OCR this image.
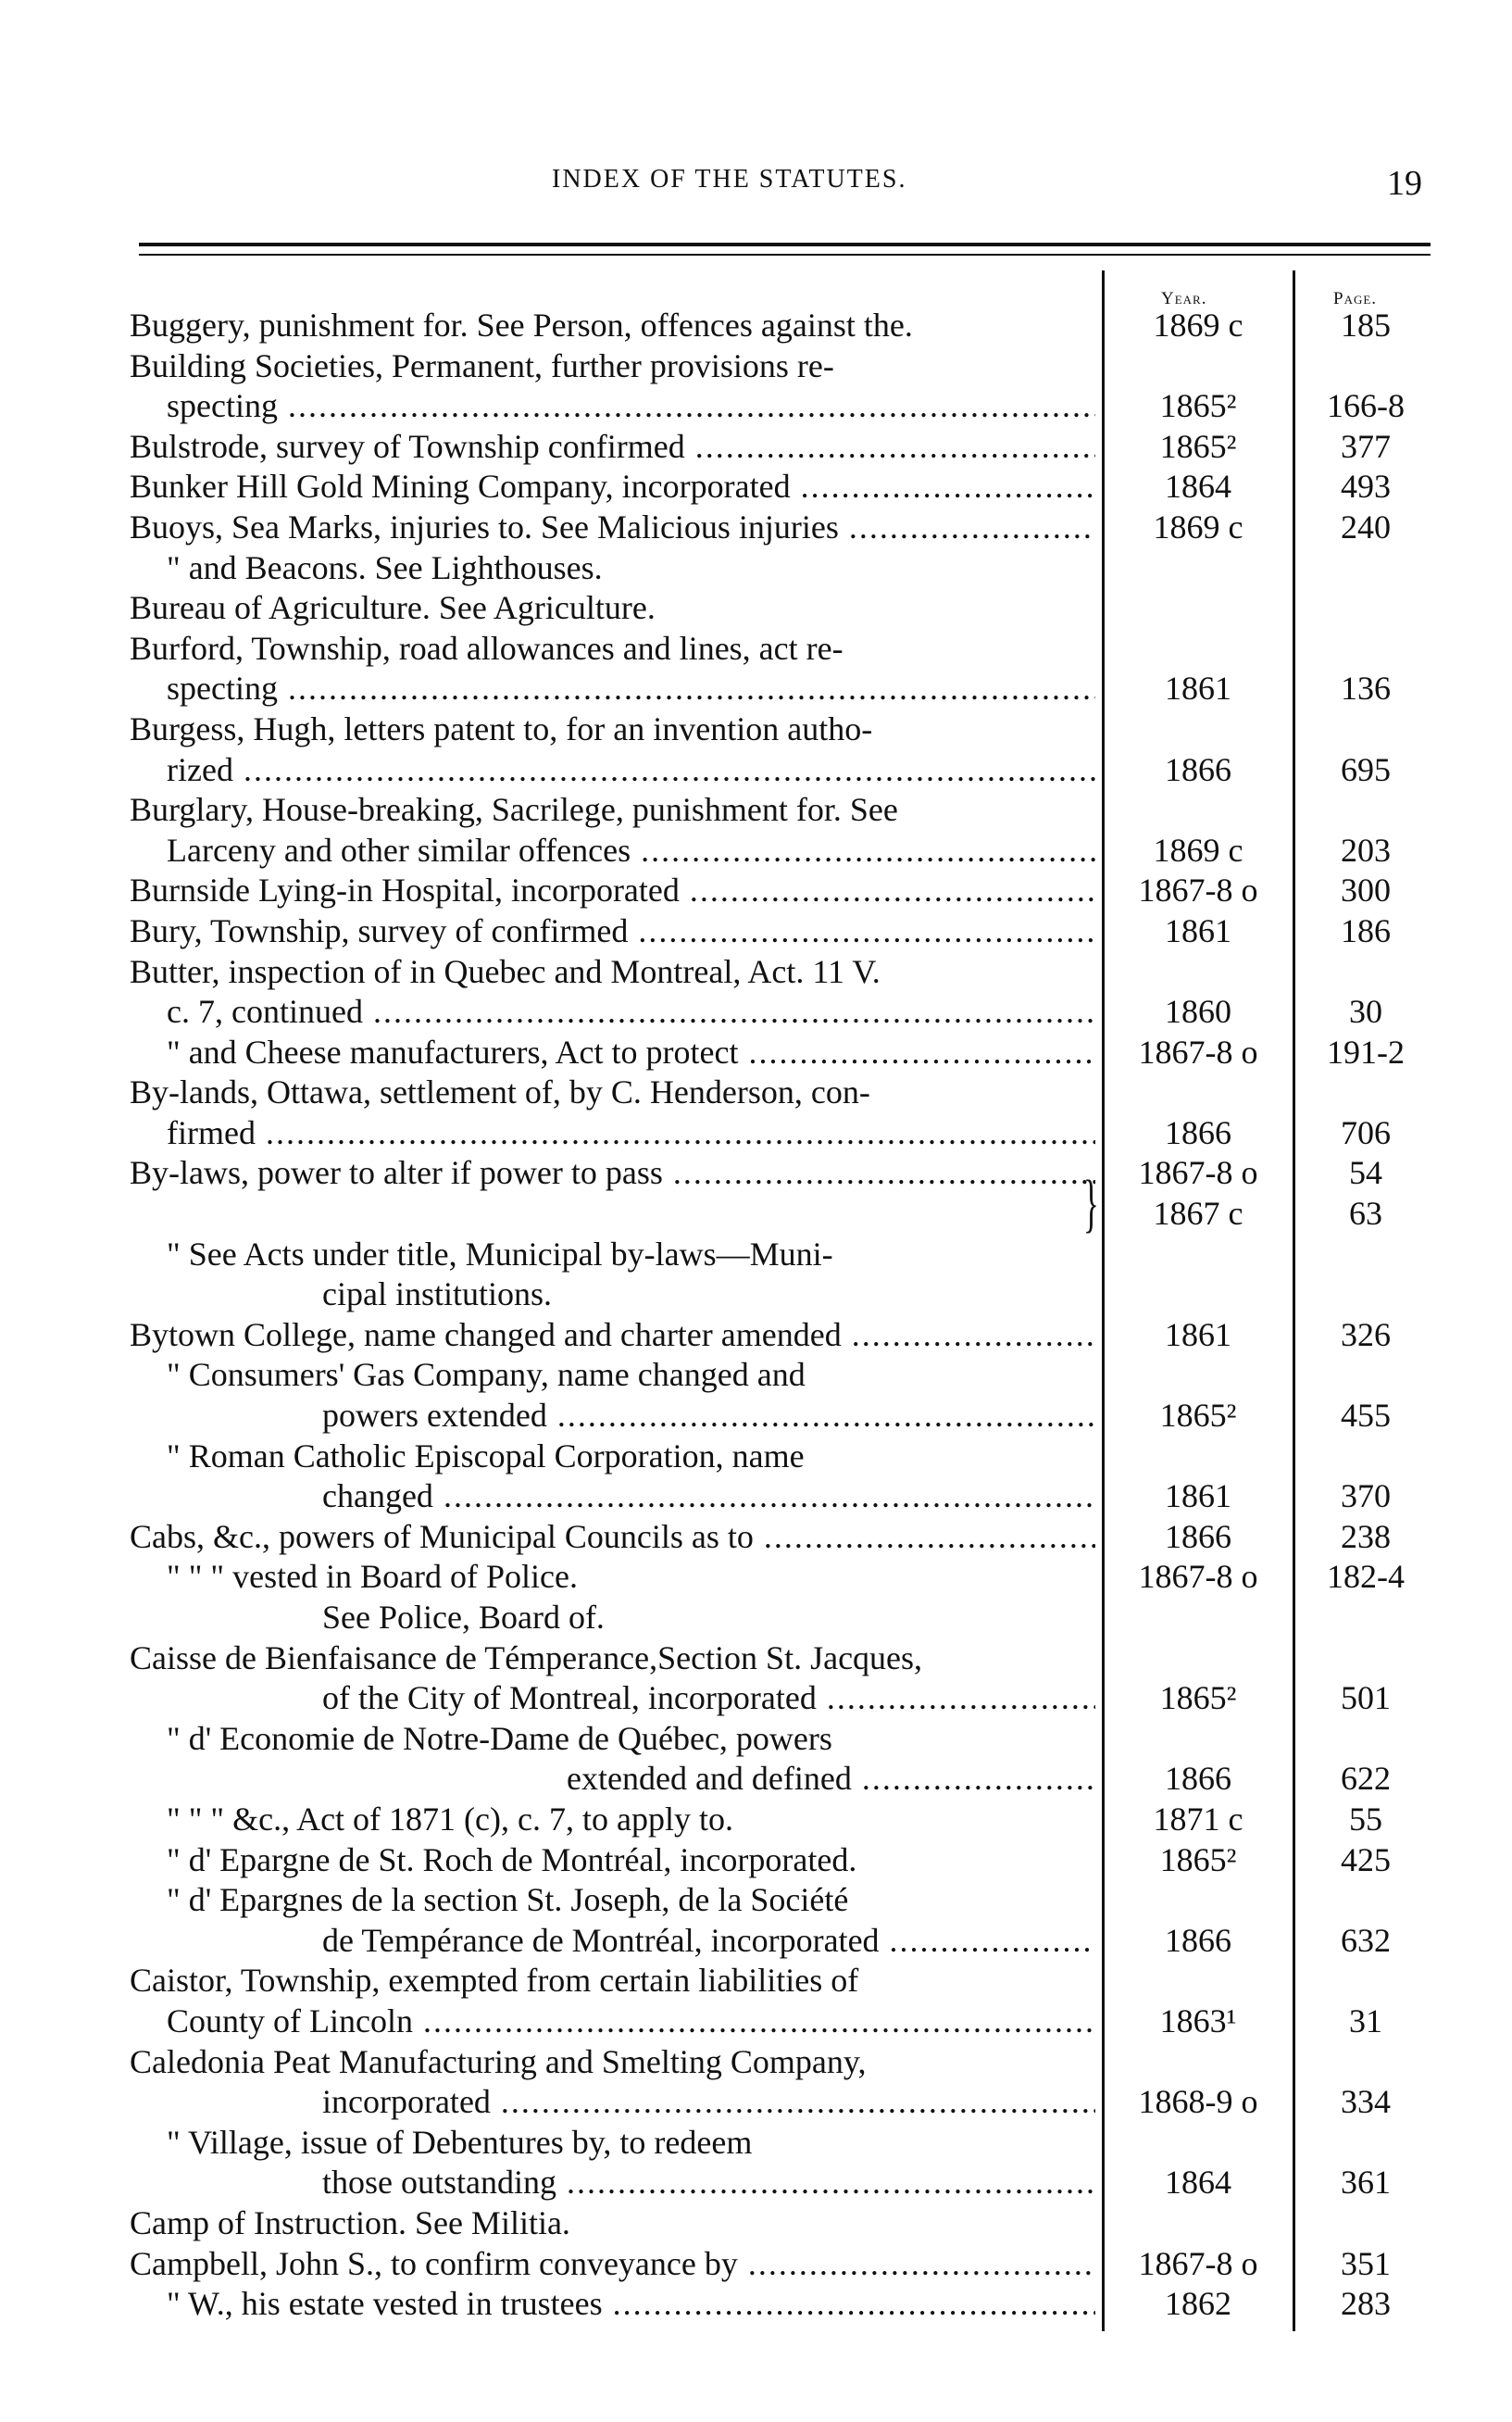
INDEX OF THE STATUTES.	19
Year.	Page.
Buggery, punishment for. See Person, offences against the.	1869 c	185
Building Societies, Permanent, further provisions re-
specting .....	1865²	166-8
Bulstrode, survey of Township confirmed .....	1865²	377
Bunker Hill Gold Mining Company, incorporated .....	1864	493
Buoys, Sea Marks, injuries to. See Malicious injuries .....	1869 c	240
" and Beacons. See Lighthouses.
Bureau of Agriculture. See Agriculture.
Burford, Township, road allowances and lines, act re-
specting .....	1861	136
Burgess, Hugh, letters patent to, for an invention autho-
rized .....	1866	695
Burglary, House-breaking, Sacrilege, punishment for. See
Larceny and other similar offences .....	1869 c	203
Burnside Lying-in Hospital, incorporated .....	1867-8 o	300
Bury, Township, survey of confirmed .....	1861	186
Butter, inspection of in Quebec and Montreal, Act. 11 V.
c. 7, continued .....	1860	30
" and Cheese manufacturers, Act to protect .....	1867-8 o	191-2
By-lands, Ottawa, settlement of, by C. Henderson, con-
firmed .....	1866	706
By-laws, power to alter if power to pass .....	1867-8 o	54
1867 c	63
" See Acts under title, Municipal by-laws—Muni-
cipal institutions.
Bytown College, name changed and charter amended .....	1861	326
" Consumers' Gas Company, name changed and
powers extended .....	1865²	455
" Roman Catholic Episcopal Corporation, name
changed .....	1861	370
Cabs, &c., powers of Municipal Councils as to .....	1866	238
" " " vested in Board of Police.	1867-8 o	182-4
See Police, Board of.
Caisse de Bienfaisance de Témperance,Section St. Jacques,
of the City of Montreal, incorporated .....	1865²	501
" d' Economie de Notre-Dame de Québec, powers
extended and defined .....	1866	622
" " " &c., Act of 1871 (c), c. 7, to apply to.	1871 c	55
" d' Epargne de St. Roch de Montréal, incorporated.	1865²	425
" d' Epargnes de la section St. Joseph, de la Société
de Tempérance de Montréal, incorporated .....	1866	632
Caistor, Township, exempted from certain liabilities of
County of Lincoln .....	1863¹	31
Caledonia Peat Manufacturing and Smelting Company,
incorporated .....	1868-9 o	334
" Village, issue of Debentures by, to redeem
those outstanding .....	1864	361
Camp of Instruction. See Militia.
Campbell, John S., to confirm conveyance by .....	1867-8 o	351
" W., his estate vested in trustees .....	1862	283
}
